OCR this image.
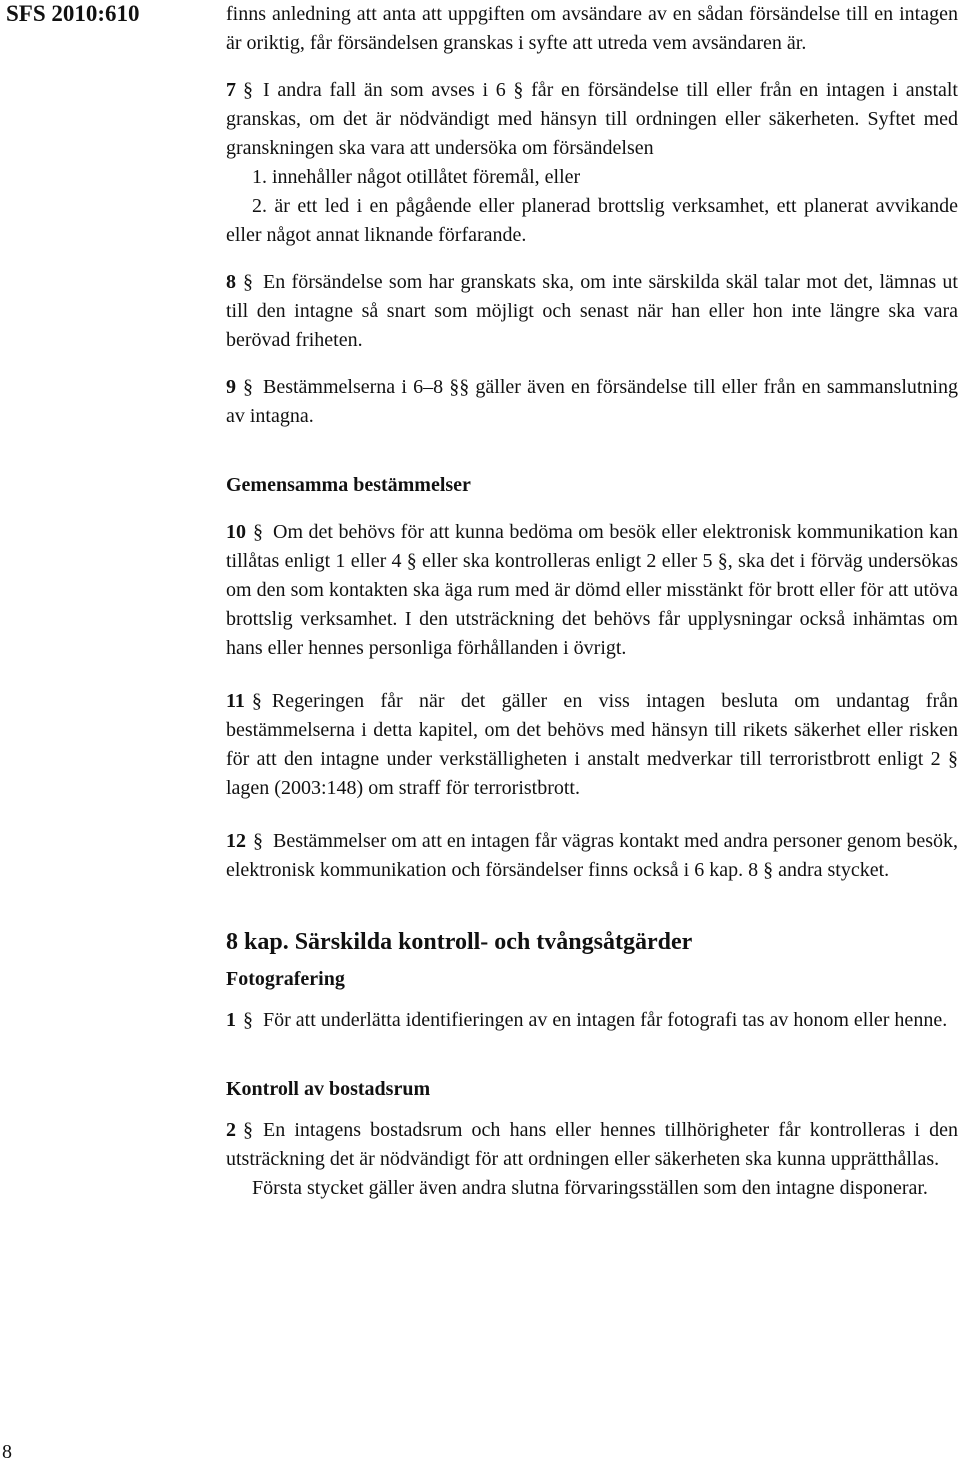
SFS 2010:610	finns anledning att anta att uppgiften om avsändare av en sådan försändelse till en intagen är oriktig, får försändelsen granskas i syfte att utreda vem avsändaren är.

7 § I andra fall än som avses i 6 § får en försändelse till eller från en intagen i anstalt granskas, om det är nödvändigt med hänsyn till ordningen eller säkerheten. Syftet med granskningen ska vara att undersöka om försändelsen

1. innehåller något otillåtet föremål, eller

2. är ett led i en pågående eller planerad brottslig verksamhet, ett planerat avvikande eller något annat liknande förfarande.

8 § En försändelse som har granskats ska, om inte särskilda skäl talar mot det, lämnas ut till den intagne så snart som möjligt och senast när han eller hon inte längre ska vara berövad friheten.

9 § Bestämmelserna i 6–8 §§ gäller även en försändelse till eller från en sammanslutning av intagna.

Gemensamma bestämmelser

10 § Om det behövs för att kunna bedöma om besök eller elektronisk kommunikation kan tillåtas enligt 1 eller 4 § eller ska kontrolleras enligt 2 eller 5 §, ska det i förväg undersökas om den som kontakten ska äga rum med är dömd eller misstänkt för brott eller för att utöva brottslig verksamhet. I den utsträckning det behövs får upplysningar också inhämtas om hans eller hennes personliga förhållanden i övrigt.

11 § Regeringen får när det gäller en viss intagen besluta om undantag från bestämmelserna i detta kapitel, om det behövs med hänsyn till rikets säkerhet eller risken för att den intagne under verkställigheten i anstalt medverkar till terroristbrott enligt 2 § lagen (2003:148) om straff för terroristbrott.

12 § Bestämmelser om att en intagen får vägras kontakt med andra personer genom besök, elektronisk kommunikation och försändelser finns också i 6 kap. 8 § andra stycket.

8 kap. Särskilda kontroll- och tvångsåtgärder
Fotografering

1 § För att underlätta identifieringen av en intagen får fotografi tas av honom eller henne.

Kontroll av bostadsrum

2 § En intagens bostadsrum och hans eller hennes tillhörigheter får kontrolleras i den utsträckning det är nödvändigt för att ordningen eller säkerheten ska kunna upprätthållas.

Första stycket gäller även andra slutna förvaringsställen som den intagne disponerar.

8
